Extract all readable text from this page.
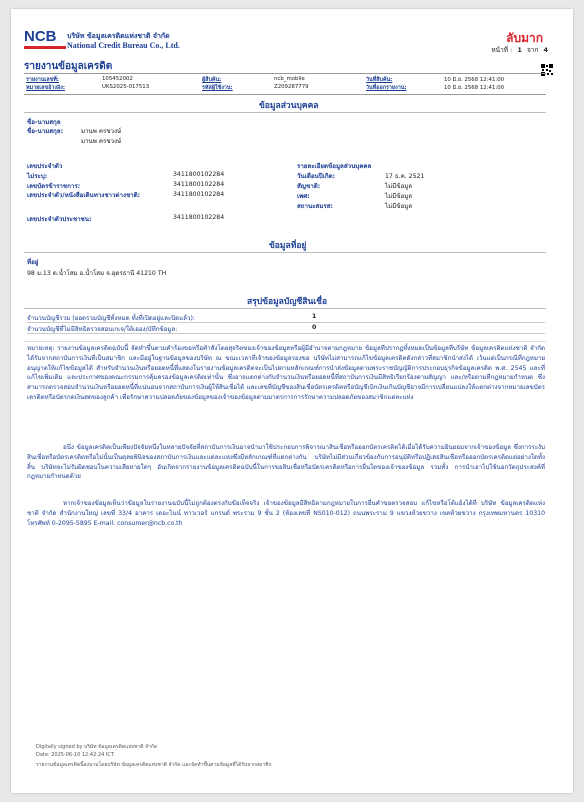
NCB	บริษัท ข้อมูลเครดิตแห่งชาติ จำกัด
National Credit Bureau Co., Ltd.
ลับมาก
หน้าที่ : 1 จาก 4
รายงานข้อมูลเครดิต
รายงานเลขที่:	105452002	ผู้สืบค้น:	ncb_mobile	วันที่สืบค้น:	10 มิ.ย. 2568 12:41:00
หมายเลขอ้างอิง:	UKS2025-017513	รหัสผู้ใช้งาน:	Z209287779	วันที่ออกรายงาน:	10 มิ.ย. 2568 12:41:00
ข้อมูลส่วนบุคคล
ชื่อ-นามสกุล
ชื่อ-นามสกุล:	มานพ ครชวงษ์
มานพ ครชวงษ์
เลขประจำตัว
ไม่ระบุ:	3411800102284
เลขบัตรข้าราชการ:	3411800102284
เลขประจำตัว/หนังสือเดินทางชาวต่างชาติ:	3411800102284
เลขประจำตัวประชาชน:	3411800102284
รายละเอียดข้อมูลส่วนบุคคล
วันเดือนปีเกิด:	17 ธ.ค. 2521
สัญชาติ:	ไม่มีข้อมูล
เพศ:	ไม่มีข้อมูล
สถานะสมรส:	ไม่มีข้อมูล
ข้อมูลที่อยู่
ที่อยู่
98 ม.13 ต.น้ำโสม อ.น้ำโสม จ.อุดรธานี 41210 TH
สรุปข้อมูลบัญชีสินเชื่อ
จำนวนบัญชีรวม (ยอดรวมบัญชีทั้งหมด ทั้งที่เปิดอยู่และปิดแล้ว):	1
จำนวนบัญชีที่ไม่มีสิทธิตรวจสอบเกเจ/ใต้เออง/บัทึกข้อมูล:	0
หมายเหตุ: รายงานข้อมูลเครดิตฉบับนี้ จัดทำขึ้นตามคำร้องขอหรือคำสั่งโดยสุจริตของเจ้าของข้อมูลหรือผู้มีอำนาจตามกฎหมาย ข้อมูลที่ปรากฏทั้งหมดเป็นข้อมูลที่บริษัท ข้อมูลเครดิตแห่งชาติ จำกัด ได้รับจากสถาบันการเงินที่เป็นสมาชิก และมีอยู่ในฐานข้อมูลของบริษัท ณ ขณะเวลาที่เจ้าของข้อมูลรองขอ บริษัทไม่สามารถแก้ไขข้อมูลเครดิตดังกล่าวที่สมาชิกนำส่งได้ เว้นแต่เป็นกรณีที่กฎหมายอนุญาตให้แก้ไขข้อมูลได้ สำหรับจำนวนเงินหรือยอดหนี้ที่แสดงในรายงานข้อมูลเครดิตจะเป็นไปตามหลักเกณฑ์การนำส่งข้อมูลตามพระราชบัญญัติการประกอบธุรกิจข้อมูลเครดิต พ.ศ. 2545 และที่แก้ไขเพิ่มเติม และประกาศของคณะกรรมการคุ้มครองข้อมูลเครดิตเท่านั้น ซึ่งอาจแตกต่างกับจำนวนเงินหรือยอดหนี้ที่สถาบันการเงินมีสิทธิเรียกร้องตามสัญญา และ/หรือตามที่กฎหมายกำหนด ซึ่งสามารถตรวจสอบจำนวนเงินหรือยอดหนี้ที่แน่นอนจากสถาบันการเงินผู้ให้สินเชื่อได้ และเลขที่บัญชีของสินเชื่อบัตรเครดิตหรือบัญชีเบิกเงินเกินบัญชีอาจมีการเปลี่ยนแปลงให้แตกต่างจากหมายเลขบัตรเครดิตหรือบัตรกดเงินสดของลูกค้า เพื่อรักษาความปลอดภัยของข้อมูลของเจ้าของข้อมูลตามมาตรการการรักษาความปลอดภัยของสมาชิกแต่ละแห่ง
อนึ่ง ข้อมูลเครดิตเป็นเพียงปัจจัยหนึ่งในหลายปัจจัยที่สถาบันการเงินอาจนำมาใช้ประกอบการพิจารณาสินเชื่อหรือออกบัตรเครดิตได้เมื่อได้รับความยินยอมจากเจ้าของข้อมูล ซึ่งการระงับสินเชื่อหรือบัตรเครดิตหรือไม่นั้นเป็นดุลยพินิจของสถาบันการเงินและแต่ละแห่งซึ่งมีหลักเกณฑ์ที่แตกต่างกัน บริษัทไม่มีส่วนเกี่ยวข้องกับการอนุมัติหรือปฏิเสธสินเชื่อหรือออกบัตรเครดิตแต่อย่างใดทั้งสิ้น บริษัทจะไม่รับผิดชอบในความเสียหายใดๆ อันเกิดจากรายงานข้อมูลเครดิตฉบับนี้ในการขอสินเชื่อหรือบัตรเครดิตหรือการยื่นใดของเจ้าของข้อมูล รวมทั้ง การนำเอาไปใช้นอกวัตถุประสงค์ที่กฎหมายกำหนดด้วย
หากเจ้าของข้อมูลเห็นว่าข้อมูลในรายงานฉบับนี้ไม่ถูกต้องตรงกับข้อเท็จจริง เจ้าของข้อมูลมีสิทธิตามกฎหมายในการยื่นคำขอตรวจสอบ แก้ไขหรือโต้แย้งได้ที่ บริษัท ข้อมูลเครดิตแห่งชาติ จำกัด สำนักงานใหญ่ เลขที่ 33/4 อาคาร เดอะไนน์ ทาวเวอร์ แกรนด์ พระราม 9 ชั้น 2 (ห้องเลขที่ NS010-012) ถนนพระราม 9 แขวงห้วยขวาง เขตห้วยขวาง กรุงเทพมหานคร 10310 โทรศัพท์ 0-2095-5895 E-mail: consumer@ncb.co.th
Digitally signed by บริษัท ข้อมูลเครดิตแห่งชาติ จำกัด
Date: 2025-06-10 12:42:24 ICT
รายงานข้อมูลเครดิตนี้ลงนามโดยบริษัท ข้อมูลเครดิตแห่งชาติ จำกัด และจัดทำขึ้นตามข้อมูลที่ได้รับจากสมาชิก
